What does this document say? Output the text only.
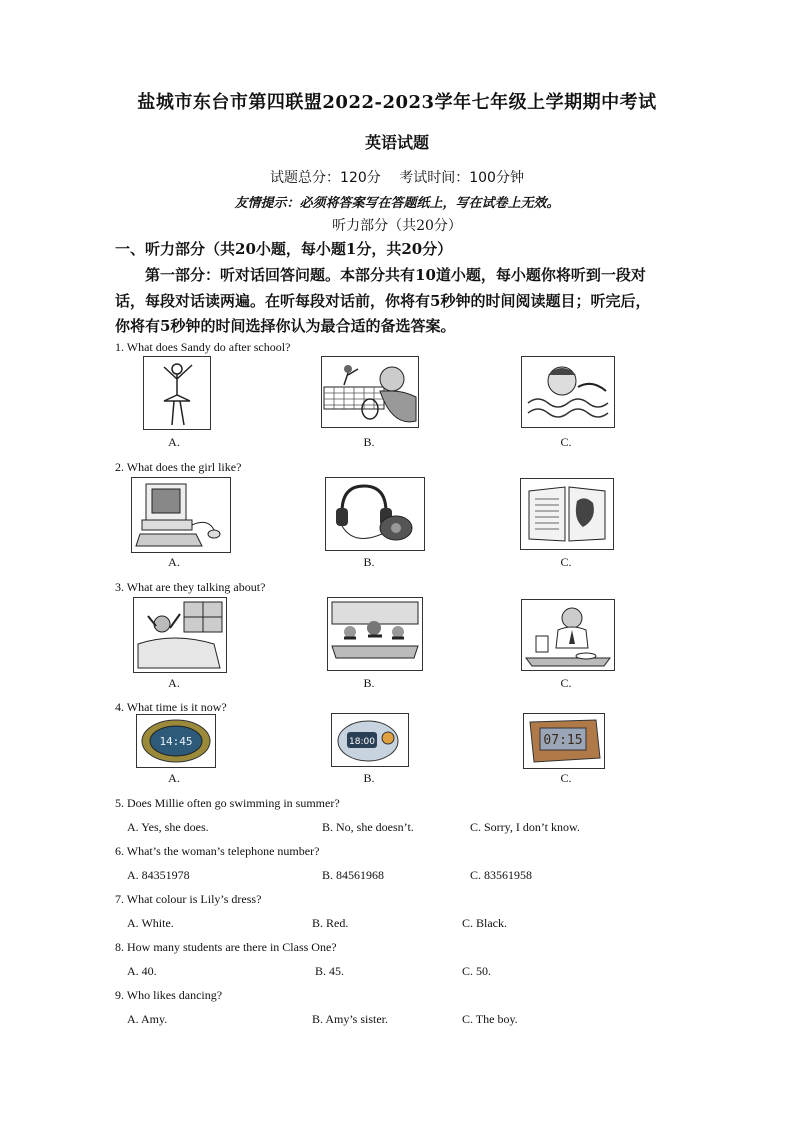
盐城市东台市第四联盟2022-2023学年七年级上学期期中考试
英语试题
试题总分：120分 考试时间：100分钟
友情提示：必须将答案写在答题纸上，写在试卷上无效。
听力部分（共20分）
一、听力部分（共20小题，每小题1分，共20分）
第一部分：听对话回答问题。本部分共有10道小题，每小题你将听到一段对
话，每段对话读两遍。在听每段对话前，你将有5秒钟的时间阅读题目；听完后，
你将有5秒钟的时间选择你认为最合适的备选答案。
1. What does Sandy do after school?
A.	B.	C.
2. What does the girl like?
A.	B.	C.
3. What are they talking about?
A.	B.	C.
4. What time is it now?
14:45	18:00	07:15
A.	B.	C.
5. Does Millie often go swimming in summer?
A. Yes, she does.	B. No, she doesn’t.	C. Sorry, I don’t know.
6. What’s the woman’s telephone number?
A. 84351978	B. 84561968	C. 83561958
7. What colour is Lily’s dress?
A. White.	B. Red.	C. Black.
8. How many students are there in Class One?
A. 40.	B. 45.	C. 50.
9. Who likes dancing?
A. Amy.	B. Amy’s sister.	C. The boy.
